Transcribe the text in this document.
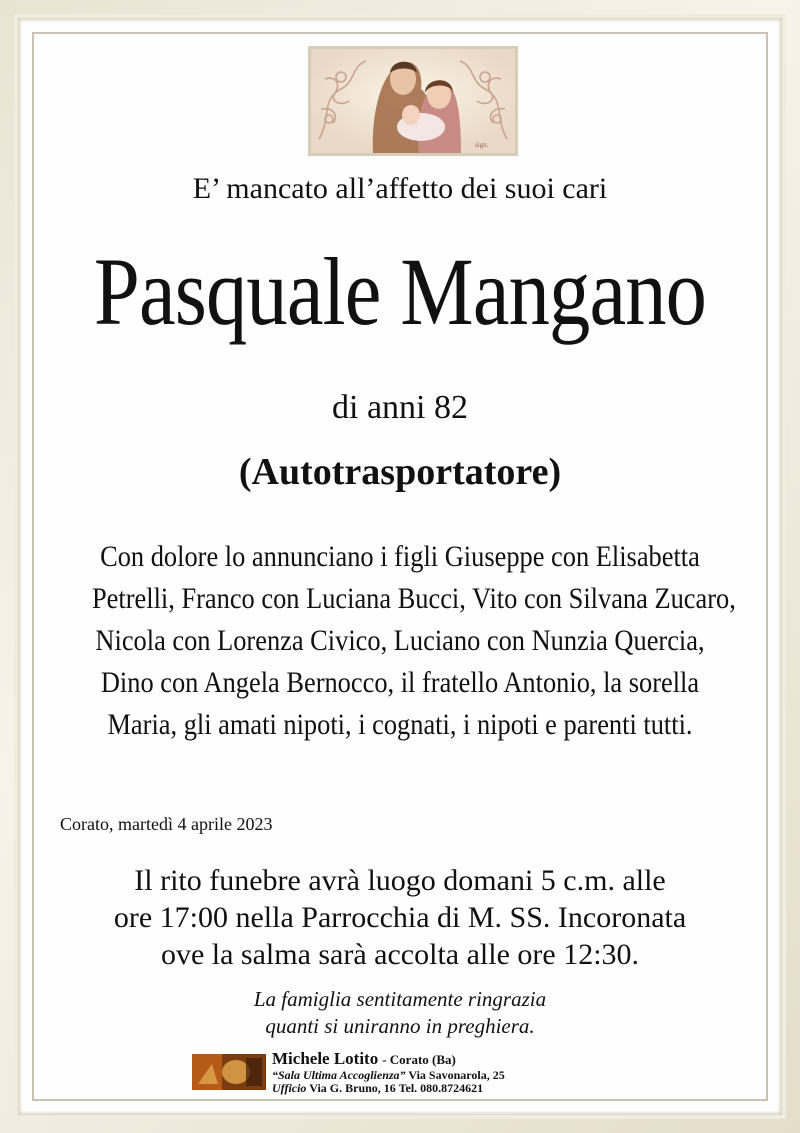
sign.
E’ mancato all’affetto dei suoi cari
Pasquale Mangano
di anni 82
(Autotrasportatore)
Con dolore lo annunciano i figli Giuseppe con Elisabetta
Petrelli, Franco con Luciana Bucci, Vito con Silvana Zucaro,
Nicola con Lorenza Civico, Luciano con Nunzia Quercia,
Dino con Angela Bernocco, il fratello Antonio, la sorella
Maria, gli amati nipoti, i cognati, i nipoti e parenti tutti.
Corato, martedì 4 aprile 2023
Il rito funebre avrà luogo domani 5 c.m. alle
ore 17:00 nella Parrocchia di M. SS. Incoronata
ove la salma sarà accolta alle ore 12:30.
La famiglia sentitamente ringrazia
quanti si uniranno in preghiera.
Michele Lotito - Corato (Ba)
“Sala Ultima Accoglienza” Via Savonarola, 25
Ufficio Via G. Bruno, 16 Tel. 080.8724621
